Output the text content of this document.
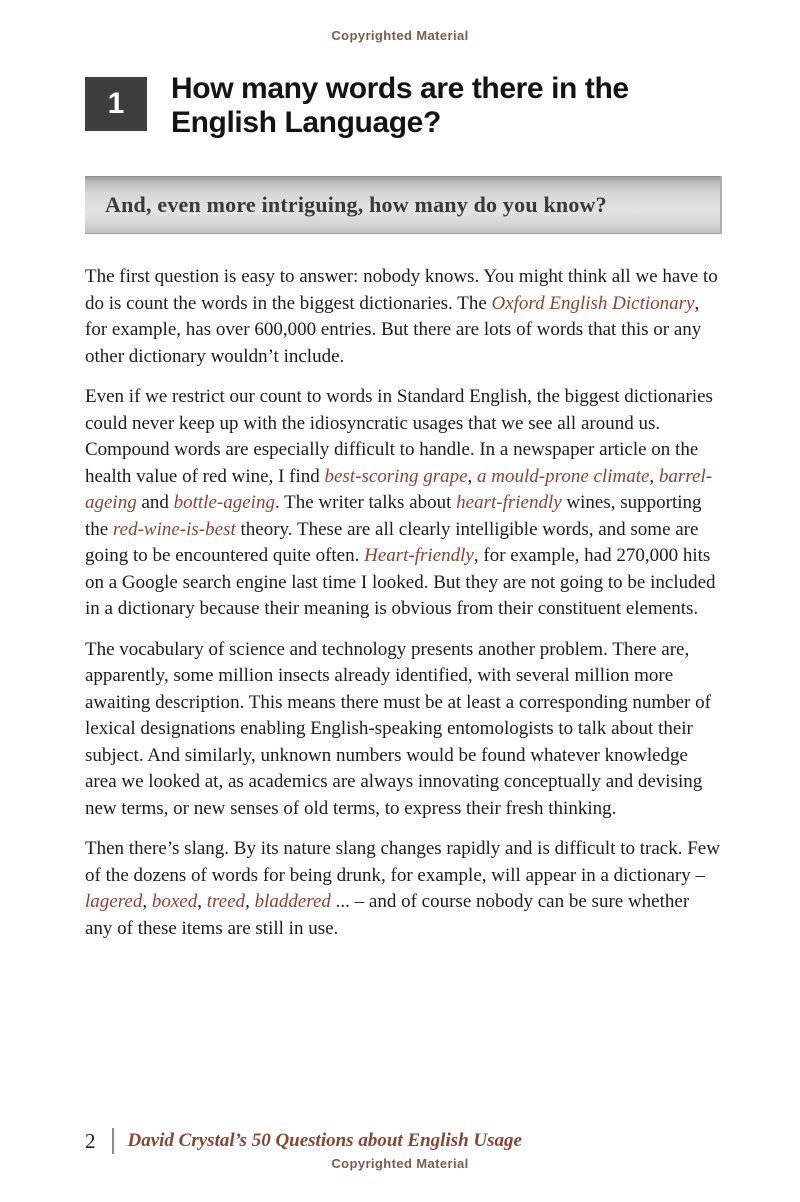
Copyrighted Material
1	How many words are there in the
English Language?
And, even more intriguing, how many do you know?

The first question is easy to answer: nobody knows. You might think all we have to do is count the words in the biggest dictionaries. The Oxford English Dictionary, for example, has over 600,000 entries. But there are lots of words that this or any other dictionary wouldn’t include.

Even if we restrict our count to words in Standard English, the biggest dictionaries could never keep up with the idiosyncratic usages that we see all around us. Compound words are especially difficult to handle. In a newspaper article on the health value of red wine, I find best-scoring grape, a mould-prone climate, barrel-ageing and bottle-ageing. The writer talks about heart-friendly wines, supporting the red-wine-is-best theory. These are all clearly intelligible words, and some are going to be encountered quite often. Heart-friendly, for example, had 270,000 hits on a Google search engine last time I looked. But they are not going to be included in a dictionary because their meaning is obvious from their constituent elements.

The vocabulary of science and technology presents another problem. There are, apparently, some million insects already identified, with several million more awaiting description. This means there must be at least a corresponding number of lexical designations enabling English-speaking entomologists to talk about their subject. And similarly, unknown numbers would be found whatever knowledge area we looked at, as academics are always innovating conceptually and devising new terms, or new senses of old terms, to express their fresh thinking.

Then there’s slang. By its nature slang changes rapidly and is difficult to track. Few of the dozens of words for being drunk, for example, will appear in a dictionary – lagered, boxed, treed, bladdered ... – and of course nobody can be sure whether any of these items are still in use.

2 David Crystal’s 50 Questions about English Usage
Copyrighted Material
